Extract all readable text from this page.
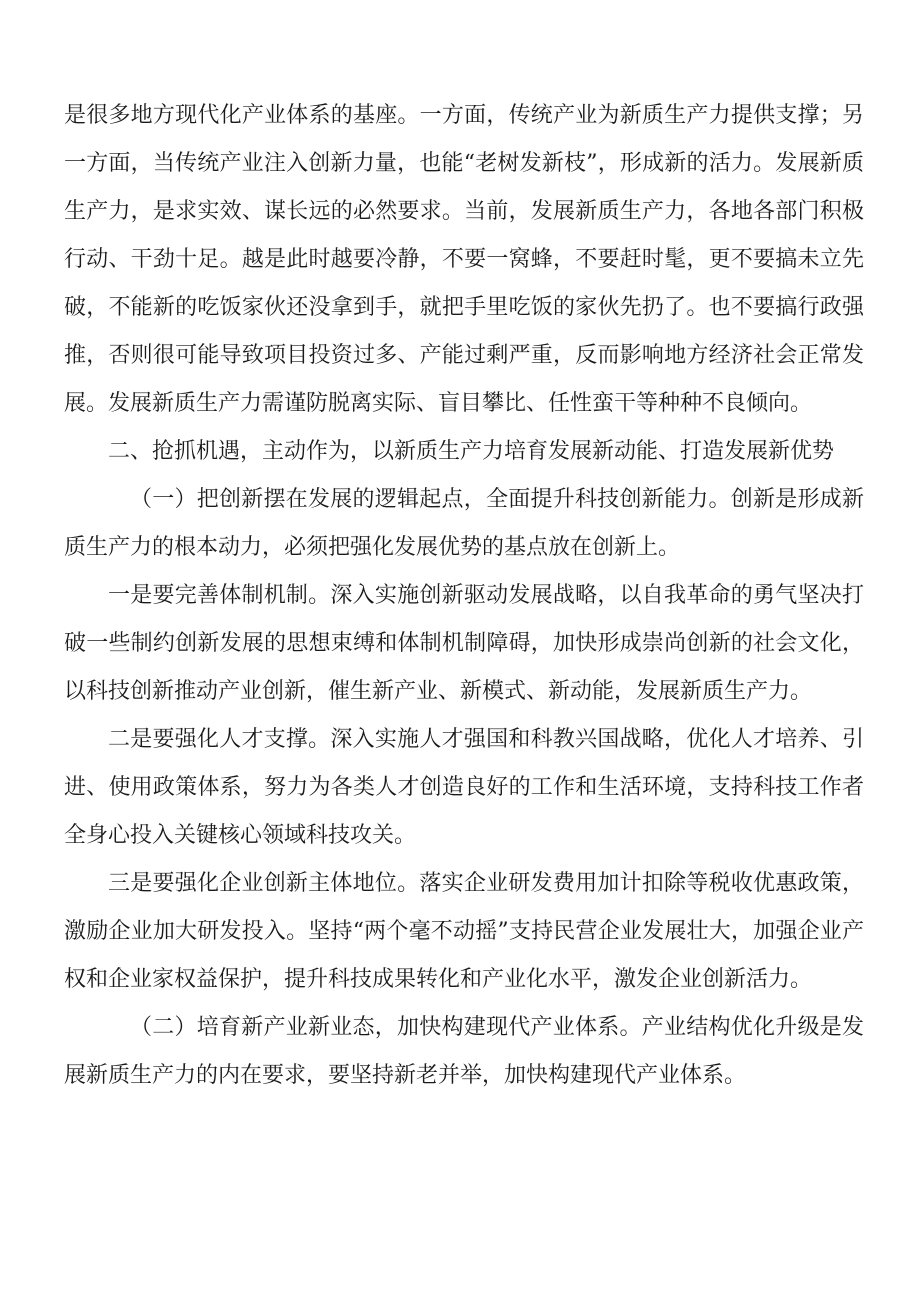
是很多地方现代化产业体系的基座。一方面，传统产业为新质生产力提供支撑；另一方面，当传统产业注入创新力量，也能“老树发新枝”，形成新的活力。发展新质生产力，是求实效、谋长远的必然要求。当前，发展新质生产力，各地各部门积极行动、干劲十足。越是此时越要冷静，不要一窝蜂，不要赶时髦，更不要搞未立先破，不能新的吃饭家伙还没拿到手，就把手里吃饭的家伙先扔了。也不要搞行政强推，否则很可能导致项目投资过多、产能过剩严重，反而影响地方经济社会正常发展。发展新质生产力需谨防脱离实际、盲目攀比、任性蛮干等种种不良倾向。

二、抢抓机遇，主动作为，以新质生产力培育发展新动能、打造发展新优势

（一）把创新摆在发展的逻辑起点，全面提升科技创新能力。创新是形成新质生产力的根本动力，必须把强化发展优势的基点放在创新上。

一是要完善体制机制。深入实施创新驱动发展战略，以自我革命的勇气坚决打破一些制约创新发展的思想束缚和体制机制障碍，加快形成崇尚创新的社会文化，以科技创新推动产业创新，催生新产业、新模式、新动能，发展新质生产力。

二是要强化人才支撑。深入实施人才强国和科教兴国战略，优化人才培养、引进、使用政策体系，努力为各类人才创造良好的工作和生活环境，支持科技工作者全身心投入关键核心领域科技攻关。

三是要强化企业创新主体地位。落实企业研发费用加计扣除等税收优惠政策，激励企业加大研发投入。坚持“两个毫不动摇”支持民营企业发展壮大，加强企业产权和企业家权益保护，提升科技成果转化和产业化水平，激发企业创新活力。

（二）培育新产业新业态，加快构建现代产业体系。产业结构优化升级是发展新质生产力的内在要求，要坚持新老并举，加快构建现代产业体系。
